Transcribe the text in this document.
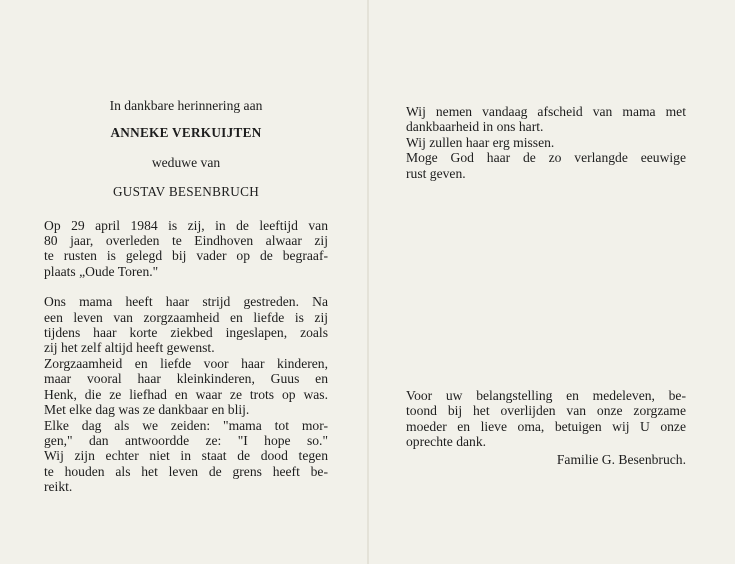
In dankbare herinnering aan
ANNEKE VERKUIJTEN
weduwe van
GUSTAV BESENBRUCH
Op 29 april 1984 is zij, in de leeftijd van
80 jaar, overleden te Eindhoven alwaar zij
te rusten is gelegd bij vader op de begraaf-
plaats „Oude Toren."
Ons mama heeft haar strijd gestreden. Na
een leven van zorgzaamheid en liefde is zij
tijdens haar korte ziekbed ingeslapen, zoals
zij het zelf altijd heeft gewenst.
Zorgzaamheid en liefde voor haar kinderen,
maar vooral haar kleinkinderen, Guus en
Henk, die ze liefhad en waar ze trots op was.
Met elke dag was ze dankbaar en blij.
Elke dag als we zeiden: "mama tot mor-
gen," dan antwoordde ze: "I hope so."
Wij zijn echter niet in staat de dood tegen
te houden als het leven de grens heeft be-
reikt.
Wij nemen vandaag afscheid van mama met
dankbaarheid in ons hart.
Wij zullen haar erg missen.
Moge God haar de zo verlangde eeuwige
rust geven.
Voor uw belangstelling en medeleven, be-
toond bij het overlijden van onze zorgzame
moeder en lieve oma, betuigen wij U onze
oprechte dank.
Familie G. Besenbruch.
